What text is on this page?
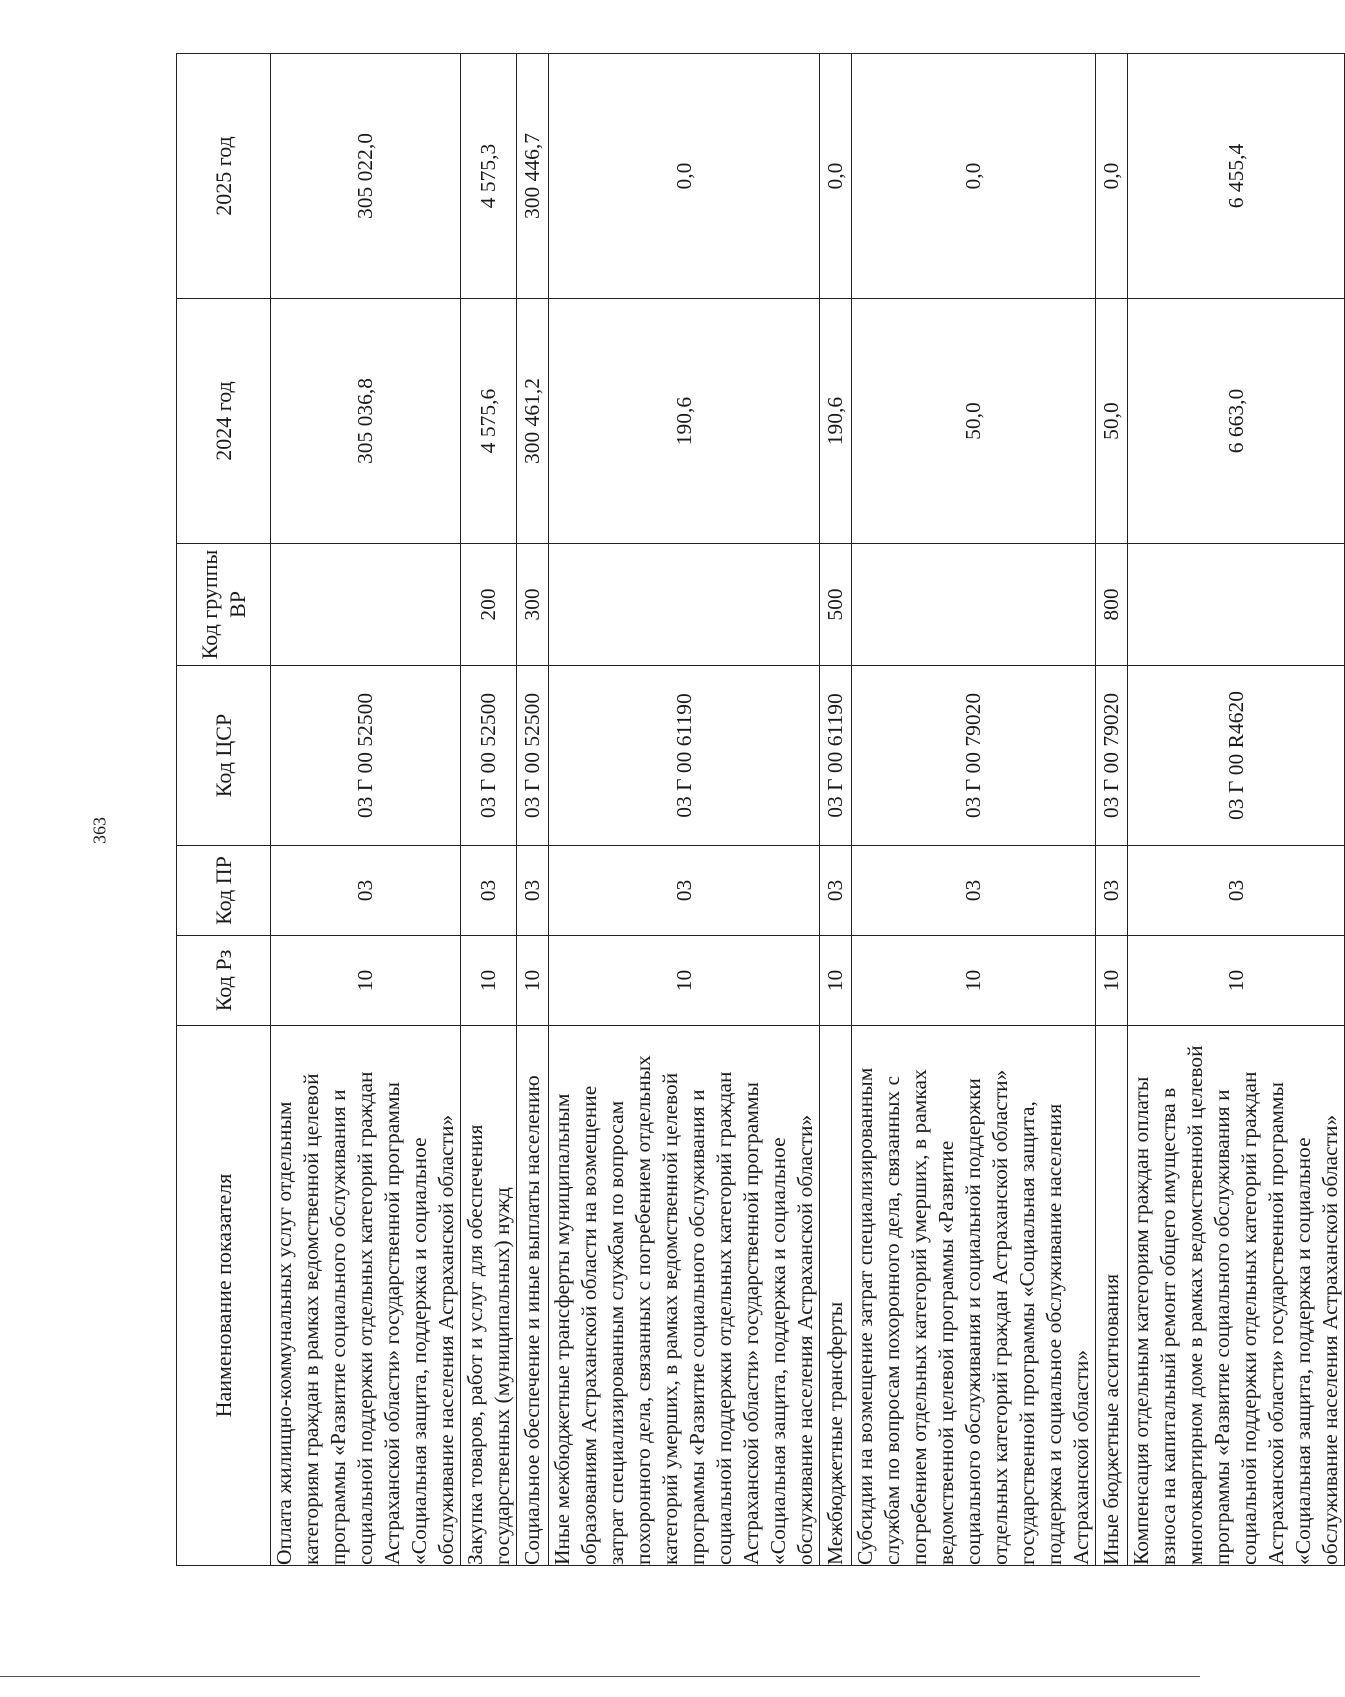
363
Наименование показателя	Код Рз	Код ПР	Код ЦСР	Код группы ВР	2024 год	2025 год
Оплата жилищно-коммунальных услуг отдельным категориям граждан в рамках ведомственной целевой программы «Развитие социального обслуживания и социальной поддержки отдельных категорий граждан Астраханской области» государственной программы «Социальная защита, поддержка и социальное обслуживание населения Астраханской области»	10	03	03 Г 00 52500		305 036,8	305 022,0
Закупка товаров, работ и услуг для обеспечения государственных (муниципальных) нужд	10	03	03 Г 00 52500	200	4 575,6	4 575,3
Социальное обеспечение и иные выплаты населению	10	03	03 Г 00 52500	300	300 461,2	300 446,7
Иные межбюджетные трансферты муниципальным образованиям Астраханской области на возмещение затрат специализированным службам по вопросам похоронного дела, связанных с погребением отдельных категорий умерших, в рамках ведомственной целевой программы «Развитие социального обслуживания и социальной поддержки отдельных категорий граждан Астраханской области» государственной программы «Социальная защита, поддержка и социальное обслуживание населения Астраханской области»	10	03	03 Г 00 61190		190,6	0,0
Межбюджетные трансферты	10	03	03 Г 00 61190	500	190,6	0,0
Субсидии на возмещение затрат специализированным службам по вопросам похоронного дела, связанных с погребением отдельных категорий умерших, в рамках ведомственной целевой программы «Развитие социального обслуживания и социальной поддержки отдельных категорий граждан Астраханской области» государственной программы «Социальная защита, поддержка и социальное обслуживание населения Астраханской области»	10	03	03 Г 00 79020		50,0	0,0
Иные бюджетные ассигнования	10	03	03 Г 00 79020	800	50,0	0,0
Компенсация отдельным категориям граждан оплаты взноса на капитальный ремонт общего имущества в многоквартирном доме в рамках ведомственной целевой программы «Развитие социального обслуживания и социальной поддержки отдельных категорий граждан Астраханской области» государственной программы «Социальная защита, поддержка и социальное обслуживание населения Астраханской области»	10	03	03 Г 00 R4620		6 663,0	6 455,4
